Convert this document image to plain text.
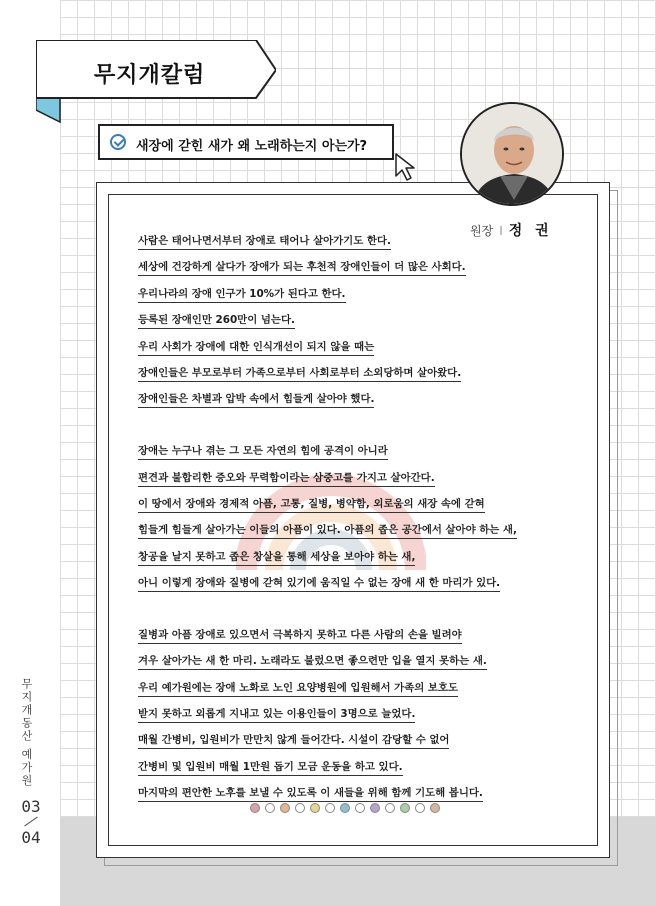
무지개동산 예가원
03
04
무지개칼럼
새장에 갇힌 새가 왜 노래하는지 아는가?
원장 I 정 권
사람은 태어나면서부터 장애로 태어나 살아가기도 한다.
세상에 건강하게 살다가 장애가 되는 후천적 장애인들이 더 많은 사회다.
우리나라의 장애 인구가 10%가 된다고 한다.
등록된 장애인만 260만이 넘는다.
우리 사회가 장애에 대한 인식개선이 되지 않을 때는
장애인들은 부모로부터 가족으로부터 사회로부터 소외당하며 살아왔다.
장애인들은 차별과 압박 속에서 힘들게 살아야 했다.
장애는 누구나 겪는 그 모든 자연의 힘에 공격이 아니라
편견과 불합리한 증오와 무력함이라는 삼중고를 가지고 살아간다.
이 땅에서 장애와 경제적 아픔, 고통, 질병, 병약함, 외로움의 새장 속에 갇혀
힘들게 힘들게 살아가는 이들의 아픔이 있다. 아픔의 좁은 공간에서 살아야 하는 새,
창공을 날지 못하고 좁은 창살을 통해 세상을 보아야 하는 새,
아니 이렇게 장애와 질병에 갇혀 있기에 움직일 수 없는 장애 새 한 마리가 있다.
질병과 아픔 장애로 있으면서 극복하지 못하고 다른 사람의 손을 빌려야
겨우 살아가는 새 한 마리. 노래라도 불렀으면 좋으련만 입을 열지 못하는 새.
우리 예가원에는 장애 노화로 노인 요양병원에 입원해서 가족의 보호도
받지 못하고 외롭게 지내고 있는 이용인들이 3명으로 늘었다.
매월 간병비, 입원비가 만만치 않게 들어간다. 시설이 감당할 수 없어
간병비 및 입원비 매월 1만원 돕기 모금 운동을 하고 있다.
마지막의 편안한 노후를 보낼 수 있도록 이 새들을 위해 함께 기도해 봅니다.
